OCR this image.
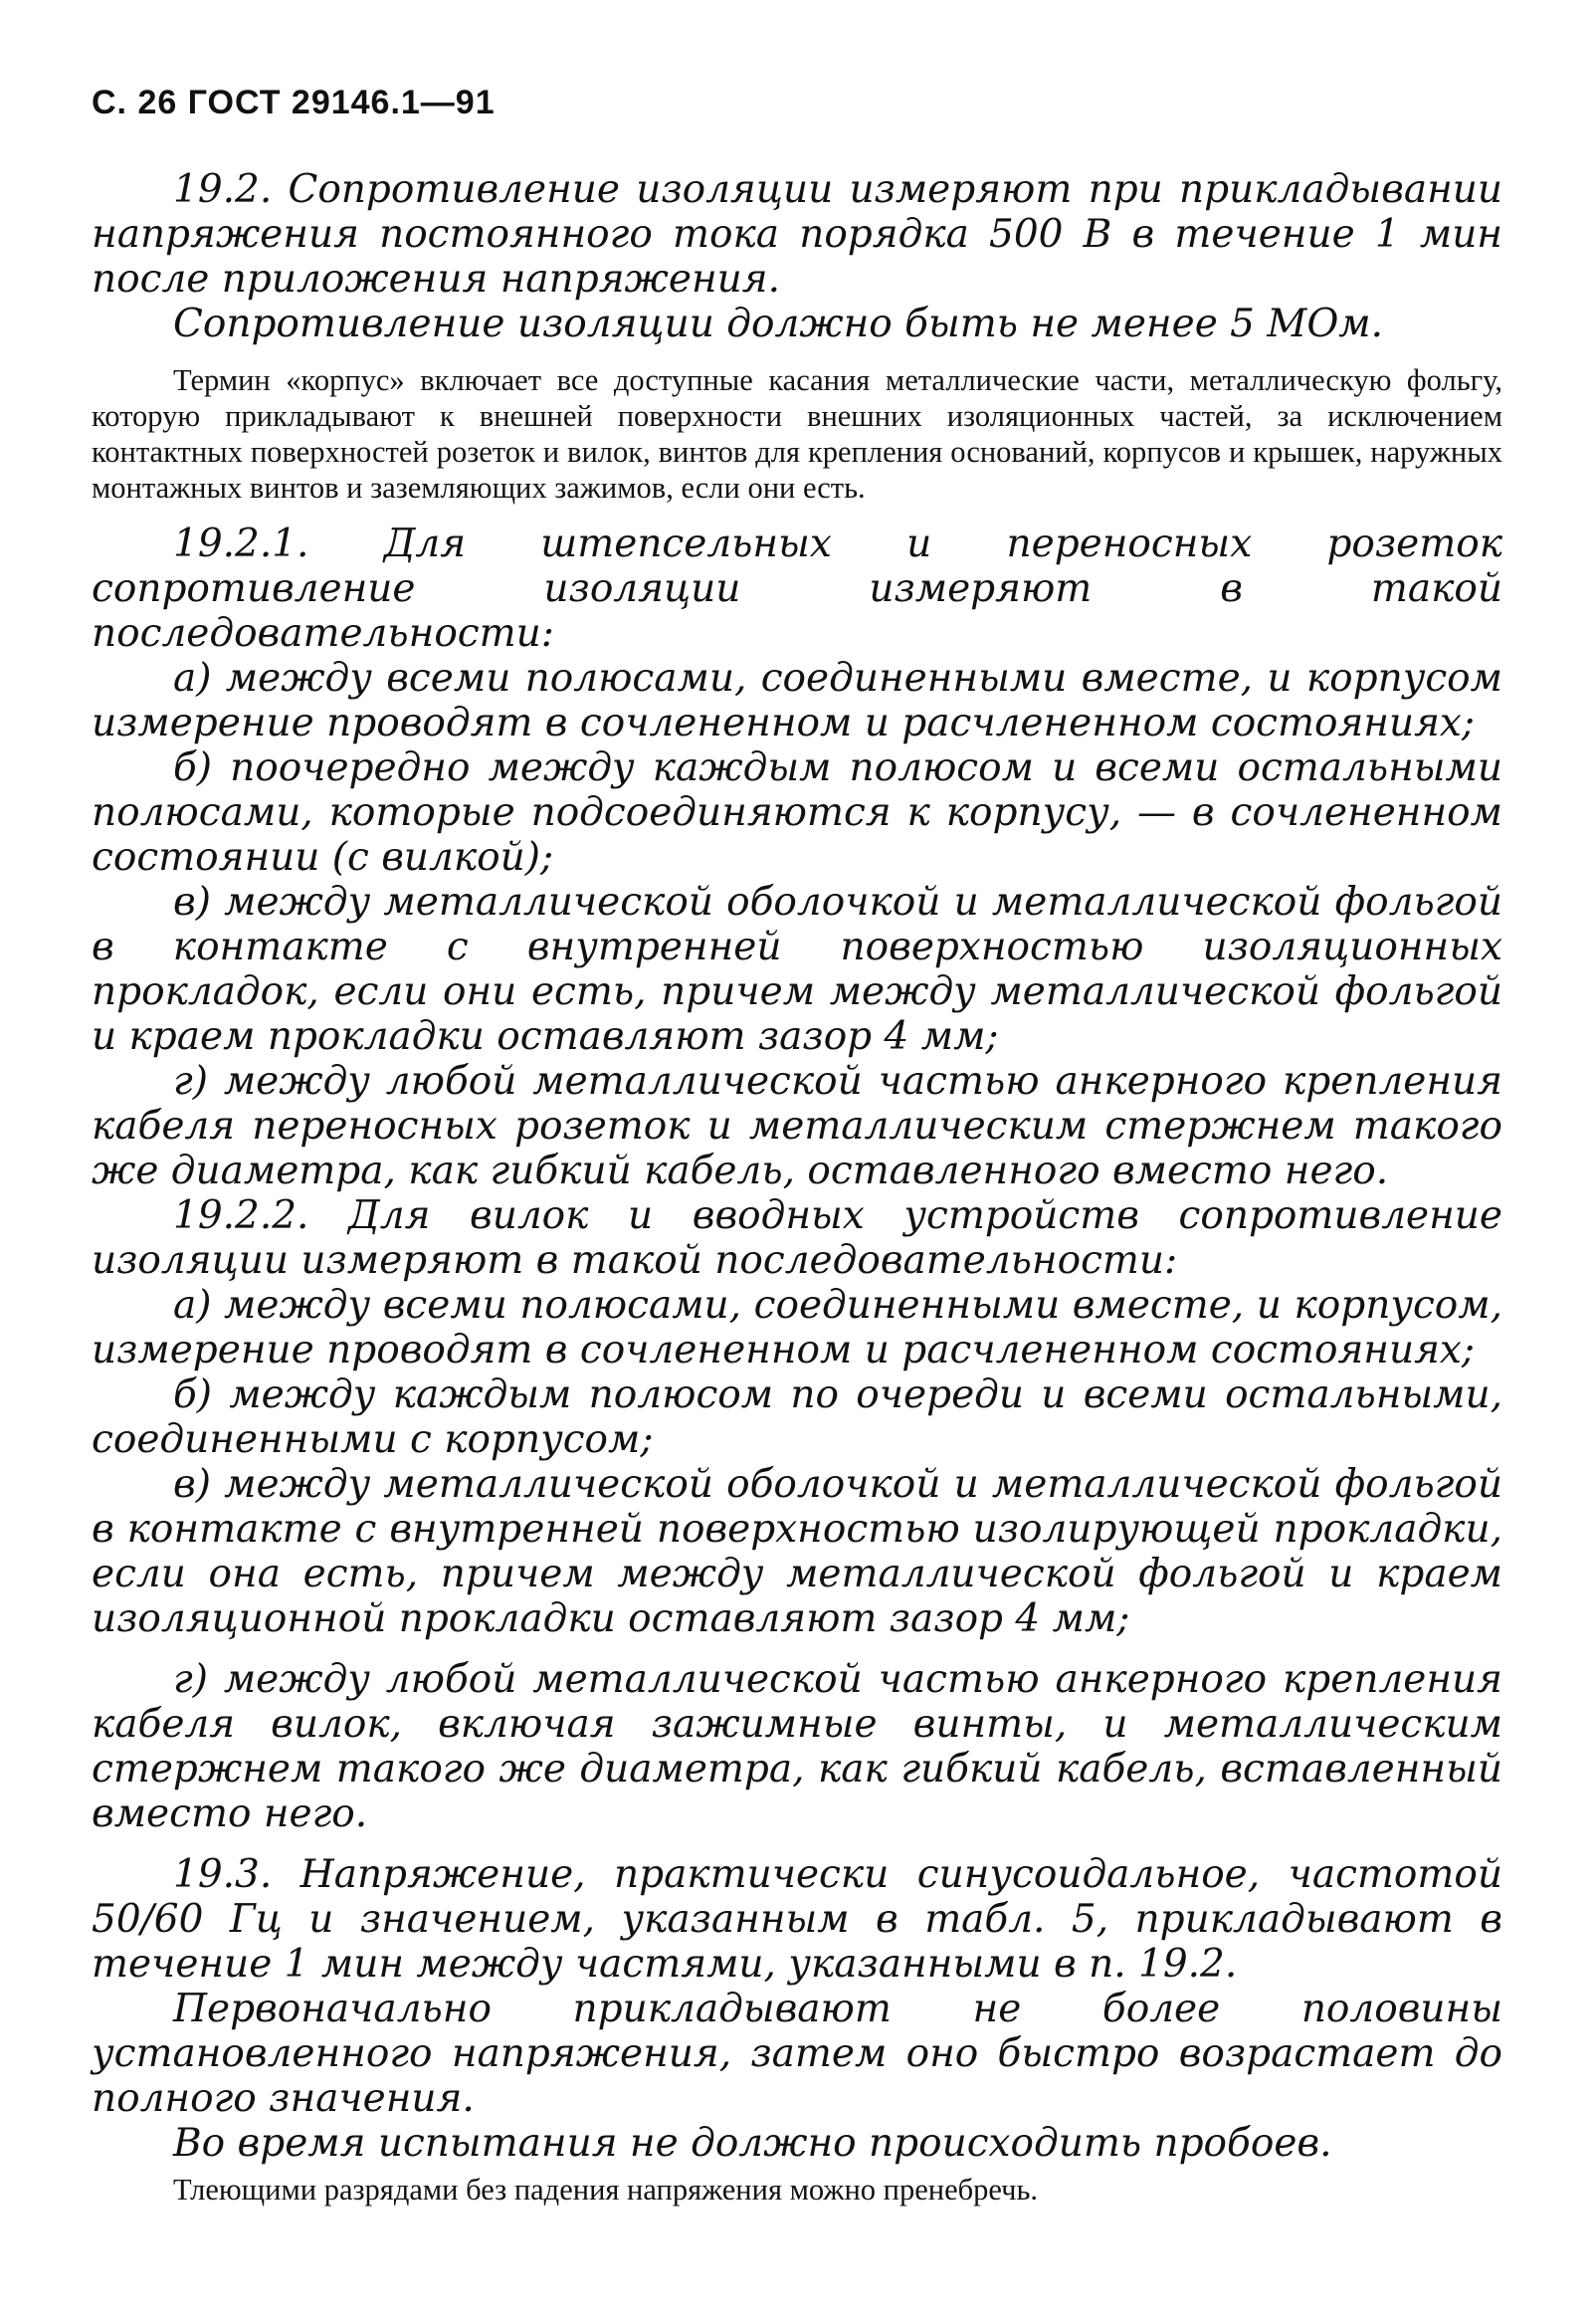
С. 26 ГОСТ 29146.1—91

19.2. Сопротивление изоляции измеряют при прикладывании напряжения постоянного тока порядка 500 В в течение 1 мин после приложения напряжения.

Сопротивление изоляции должно быть не менее 5 МОм.

Термин «корпус» включает все доступные касания металлические части, металлическую фольгу, которую прикладывают к внешней поверхности внешних изоляционных частей, за исключением контактных поверхностей розеток и вилок, винтов для крепления оснований, корпусов и крышек, наружных монтажных винтов и заземляющих зажимов, если они есть.

19.2.1. Для штепсельных и переносных розеток сопротивление изоляции измеряют в такой последовательности:

а) между всеми полюсами, соединенными вместе, и корпусом измерение проводят в сочлененном и расчлененном состояниях;

б) поочередно между каждым полюсом и всеми остальными полюсами, которые подсоединяются к корпусу, — в сочлененном состоянии (с вилкой);

в) между металлической оболочкой и металлической фольгой в контакте с внутренней поверхностью изоляционных прокладок, если они есть, причем между металлической фольгой и краем прокладки оставляют зазор 4 мм;

г) между любой металлической частью анкерного крепления кабеля переносных розеток и металлическим стержнем такого же диаметра, как гибкий кабель, оставленного вместо него.

19.2.2. Для вилок и вводных устройств сопротивление изоляции измеряют в такой последовательности:

а) между всеми полюсами, соединенными вместе, и корпусом, измерение проводят в сочлененном и расчлененном состояниях;

б) между каждым полюсом по очереди и всеми остальными, соединенными с корпусом;

в) между металлической оболочкой и металлической фольгой в контакте с внутренней поверхностью изолирующей прокладки, если она есть, причем между металлической фольгой и краем изоляционной прокладки оставляют зазор 4 мм;

г) между любой металлической частью анкерного крепления кабеля вилок, включая зажимные винты, и металлическим стержнем такого же диаметра, как гибкий кабель, вставленный вместо него.

19.3. Напряжение, практически синусоидальное, частотой 50/60 Гц и значением, указанным в табл. 5, прикладывают в течение 1 мин между частями, указанными в п. 19.2.

Первоначально прикладывают не более половины установленного напряжения, затем оно быстро возрастает до полного значения.

Во время испытания не должно происходить пробоев.

Тлеющими разрядами без падения напряжения можно пренебречь.
